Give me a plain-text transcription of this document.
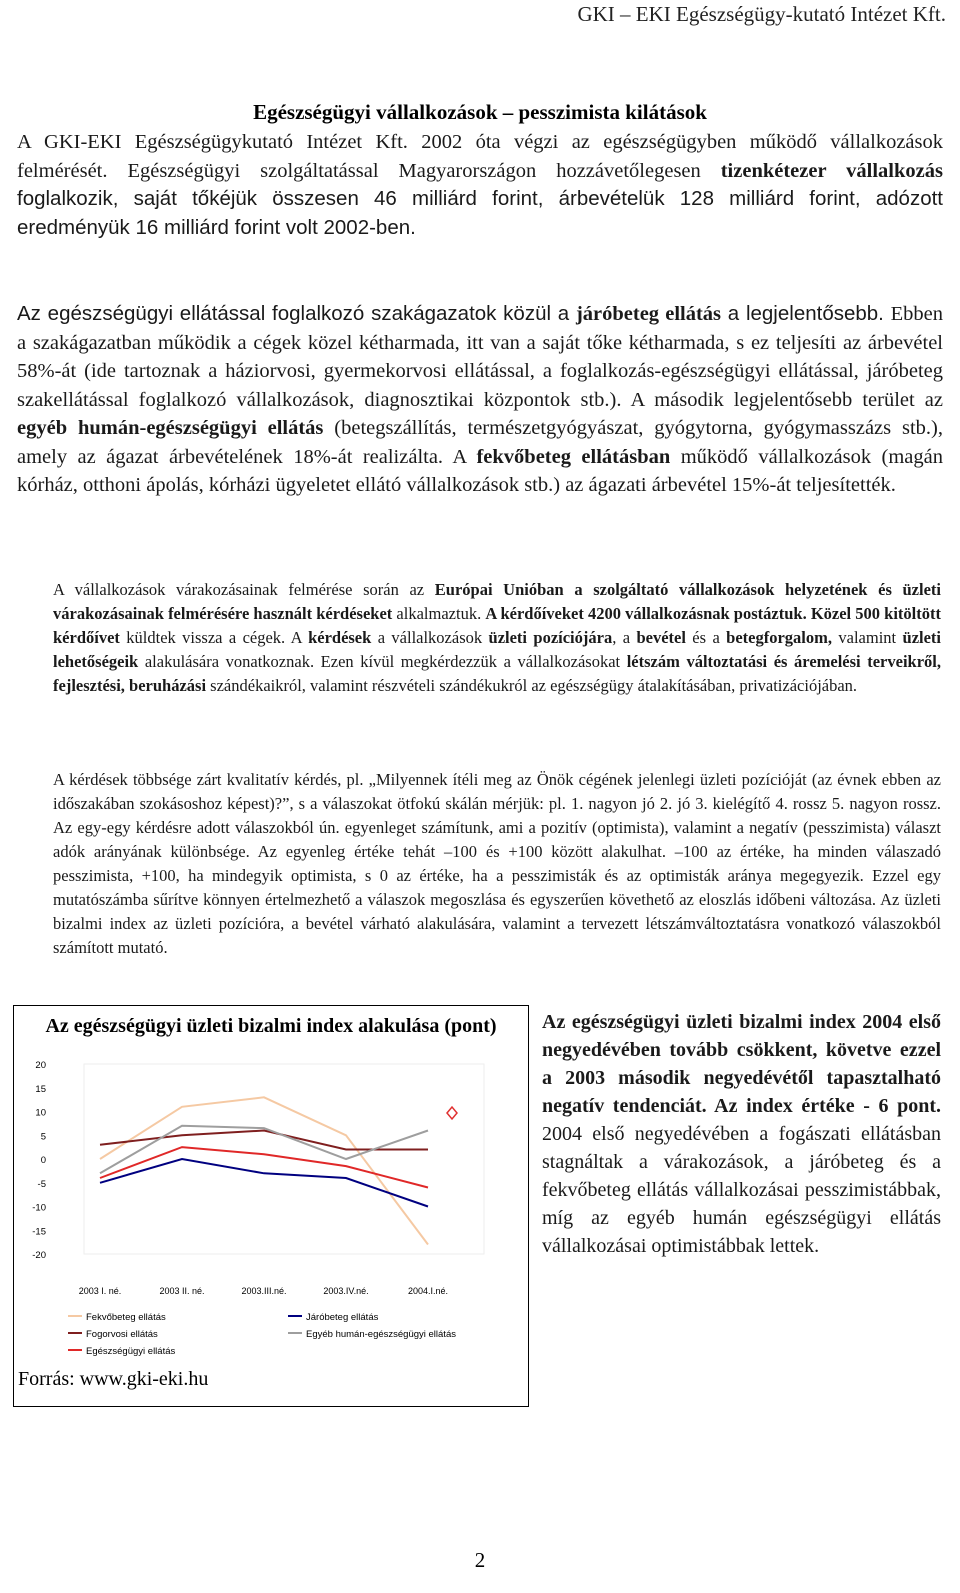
GKI – EKI Egészségügy-kutató Intézet Kft.
Egészségügyi vállalkozások – pesszimista kilátások
A GKI-EKI Egészségügykutató Intézet Kft. 2002 óta végzi az egészségügyben működő vállalkozások felmérését. Egészségügyi szolgáltatással Magyarországon hozzávetőlegesen tizenkétezer vállalkozás foglalkozik, saját tőkéjük összesen 46 milliárd forint, árbevételük 128 milliárd forint, adózott eredményük 16 milliárd forint volt 2002-ben.
Az egészségügyi ellátással foglalkozó szakágazatok közül a járóbeteg ellátás a legjelentősebb. Ebben a szakágazatban működik a cégek közel kétharmada, itt van a saját tőke kétharmada, s ez teljesíti az árbevétel 58%-át (ide tartoznak a háziorvosi, gyermekorvosi ellátással, a foglalkozás-egészségügyi ellátással, járóbeteg szakellátással foglalkozó vállalkozások, diagnosztikai központok stb.). A második legjelentősebb terület az egyéb humán-egészségügyi ellátás (betegszállítás, természetgyógyászat, gyógytorna, gyógymasszázs stb.), amely az ágazat árbevételének 18%-át realizálta. A fekvőbeteg ellátásban működő vállalkozások (magán kórház, otthoni ápolás, kórházi ügyeletet ellátó vállalkozások stb.) az ágazati árbevétel 15%-át teljesítették.
A vállalkozások várakozásainak felmérése során az Európai Unióban a szolgáltató vállalkozások helyzetének és üzleti várakozásainak felmérésére használt kérdéseket alkalmaztuk. A kérdőíveket 4200 vállalkozásnak postáztuk. Közel 500 kitöltött kérdőívet küldtek vissza a cégek. A kérdések a vállalkozások üzleti pozíciójára, a bevétel és a betegforgalom, valamint üzleti lehetőségeik alakulására vonatkoznak. Ezen kívül megkérdezzük a vállalkozásokat létszám változtatási és áremelési terveikről, fejlesztési, beruházási szándékaikról, valamint részvételi szándékukról az egészségügy átalakításában, privatizációjában.
A kérdések többsége zárt kvalitatív kérdés, pl. „Milyennek ítéli meg az Önök cégének jelenlegi üzleti pozícióját (az évnek ebben az időszakában szokásoshoz képest)?”, s a válaszokat ötfokú skálán mérjük: pl. 1. nagyon jó 2. jó 3. kielégítő 4. rossz 5. nagyon rossz. Az egy-egy kérdésre adott válaszokból ún. egyenleget számítunk, ami a pozitív (optimista), valamint a negatív (pesszimista) választ adók arányának különbsége. Az egyenleg értéke tehát –100 és +100 között alakulhat. –100 az értéke, ha minden válaszadó pesszimista, +100, ha mindegyik optimista, s 0 az értéke, ha a pesszimisták és az optimisták aránya megegyezik. Ezzel egy mutatószámba sűrítve könnyen értelmezhető a válaszok megoszlása és egyszerűen követhető az eloszlás időbeni változása. Az üzleti bizalmi index az üzleti pozícióra, a bevétel várható alakulására, valamint a tervezett létszámváltoztatásra vonatkozó válaszokból számított mutató.
Az egészségügyi üzleti bizalmi index alakulása (pont)
20
15
10
5
0
-5
-10
-15
-20
2003 I. né.	2003 II. né.	2003.III.né.	2003.IV.né.	2004.I.né.
Fekvőbeteg ellátás
Fogorvosi ellátás
Egészségügyi ellátás
Járóbeteg ellátás
Egyéb humán-egészségügyi ellátás
Forrás: www.gki-eki.hu
Az egészségügyi üzleti bizalmi index 2004 első negyedévében tovább csökkent, követve ezzel a 2003 második negyedévétől tapasztalható negatív tendenciát. Az index értéke - 6 pont. 2004 első negyedévében a fogászati ellátásban stagnáltak a várakozások, a járóbeteg és a fekvőbeteg ellátás vállalkozásai pesszimistábbak, míg az egyéb humán egészségügyi ellátás vállalkozásai optimistábbak lettek.
2
